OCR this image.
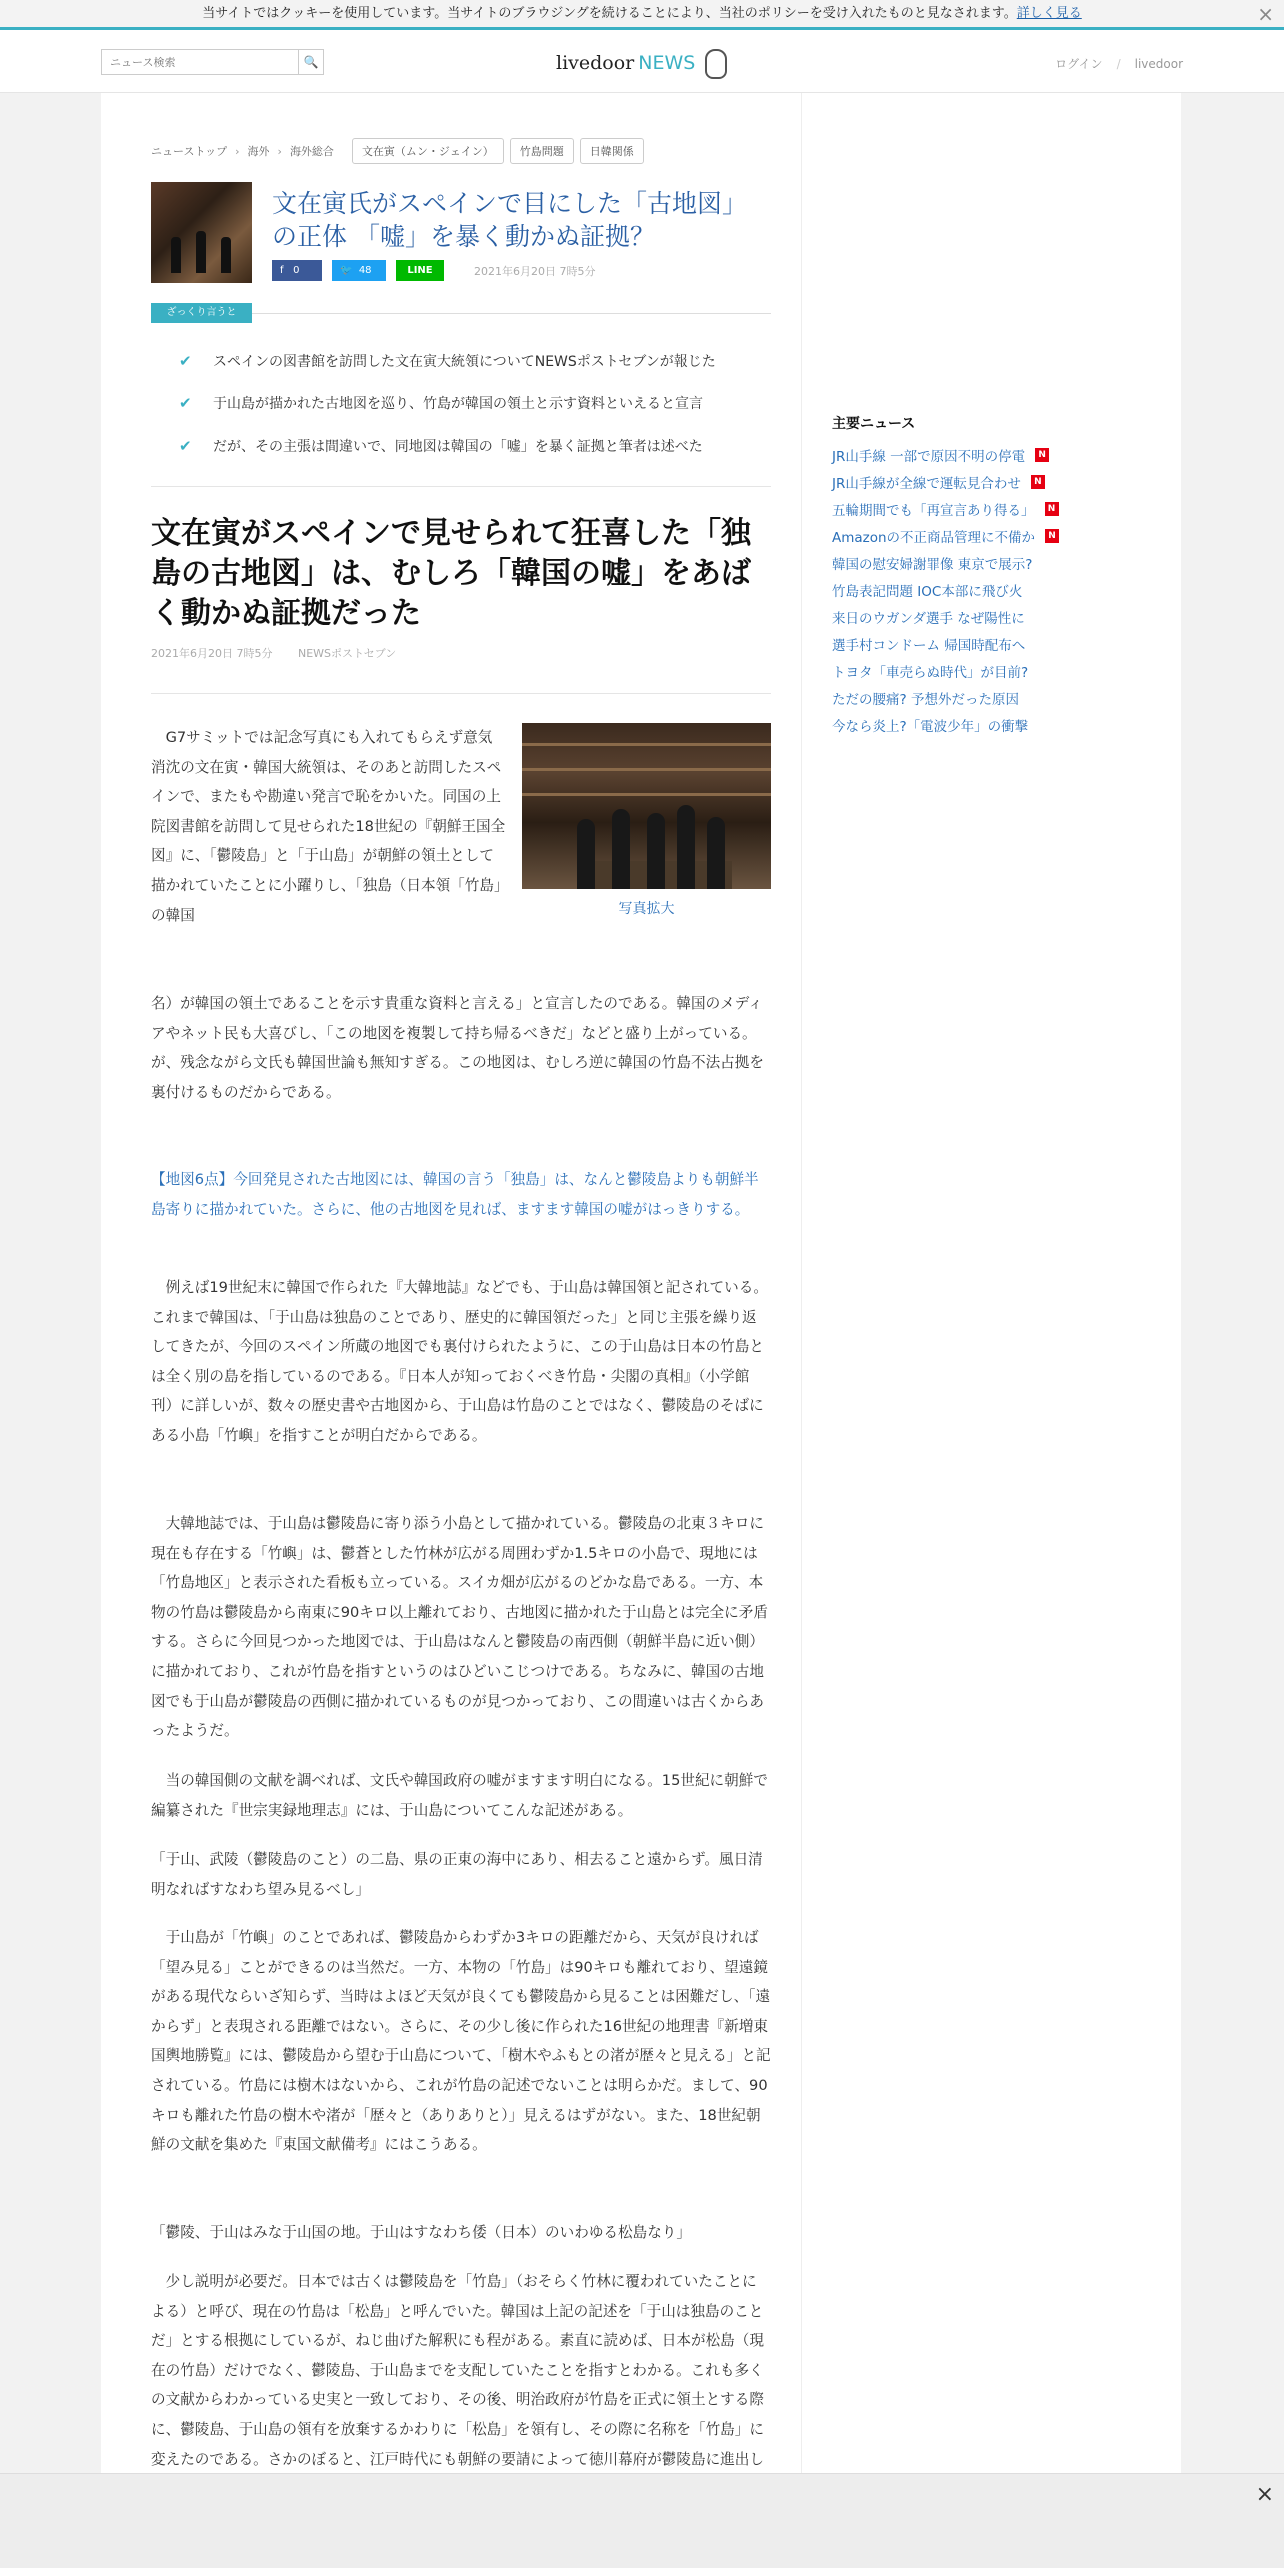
当サイトではクッキーを使用しています。当サイトのブラウジングを続けることにより、当社のポリシーを受け入れたものと見なされます。詳しく見る	×
ニュース検索
🔍	livedoor NEWS	ログイン / livedoor
ニューストップ › 海外 › 海外総合	文在寅（ムン・ジェイン）	竹島問題	日韓関係
文在寅氏がスペインで目にした「古地図」の正体 「嘘」を暴く動かぬ証拠？
f 0	🐦 48	LINE	2021年6月20日 7時5分
ざっくり言うと
✔	スペインの図書館を訪問した文在寅大統領についてNEWSポストセブンが報じた
✔	于山島が描かれた古地図を巡り、竹島が韓国の領土と示す資料といえると宣言
✔	だが、その主張は間違いで、同地図は韓国の「嘘」を暴く証拠と筆者は述べた
文在寅がスペインで見せられて狂喜した「独島の古地図」は、むしろ「韓国の嘘」をあばく動かぬ証拠だった
2021年6月20日 7時5分 NEWSポストセブン
写真拡大

G7サミットでは記念写真にも入れてもらえず意気消沈の文在寅・韓国大統領は、そのあと訪問したスペインで、またもや勘違い発言で恥をかいた。同国の上院図書館を訪問して見せられた18世紀の『朝鮮王国全図』に、「鬱陵島」と「于山島」が朝鮮の領土として描かれていたことに小躍りし、「独島（日本領「竹島」の韓国

名）が韓国の領土であることを示す貴重な資料と言える」と宣言したのである。韓国のメディアやネット民も大喜びし、「この地図を複製して持ち帰るべきだ」などと盛り上がっている。が、残念ながら文氏も韓国世論も無知すぎる。この地図は、むしろ逆に韓国の竹島不法占拠を裏付けるものだからである。

【地図6点】今回発見された古地図には、韓国の言う「独島」は、なんと鬱陵島よりも朝鮮半島寄りに描かれていた。さらに、他の古地図を見れば、ますます韓国の嘘がはっきりする。

例えば19世紀末に韓国で作られた『大韓地誌』などでも、于山島は韓国領と記されている。これまで韓国は、「于山島は独島のことであり、歴史的に韓国領だった」と同じ主張を繰り返してきたが、今回のスペイン所蔵の地図でも裏付けられたように、この于山島は日本の竹島とは全く別の島を指しているのである。『日本人が知っておくべき竹島・尖閣の真相』（小学館刊）に詳しいが、数々の歴史書や古地図から、于山島は竹島のことではなく、鬱陵島のそばにある小島「竹嶼」を指すことが明白だからである。

大韓地誌では、于山島は鬱陵島に寄り添う小島として描かれている。鬱陵島の北東３キロに現在も存在する「竹嶼」は、鬱蒼とした竹林が広がる周囲わずか1.5キロの小島で、現地には「竹島地区」と表示された看板も立っている。スイカ畑が広がるのどかな島である。一方、本物の竹島は鬱陵島から南東に90キロ以上離れており、古地図に描かれた于山島とは完全に矛盾する。さらに今回見つかった地図では、于山島はなんと鬱陵島の南西側（朝鮮半島に近い側）に描かれており、これが竹島を指すというのはひどいこじつけである。ちなみに、韓国の古地図でも于山島が鬱陵島の西側に描かれているものが見つかっており、この間違いは古くからあったようだ。

当の韓国側の文献を調べれば、文氏や韓国政府の嘘がますます明白になる。15世紀に朝鮮で編纂された『世宗実録地理志』には、于山島についてこんな記述がある。

「于山、武陵（鬱陵島のこと）の二島、県の正東の海中にあり、相去ること遠からず。風日清明なればすなわち望み見るべし」

于山島が「竹嶼」のことであれば、鬱陵島からわずか3キロの距離だから、天気が良ければ「望み見る」ことができるのは当然だ。一方、本物の「竹島」は90キロも離れており、望遠鏡がある現代ならいざ知らず、当時はよほど天気が良くても鬱陵島から見ることは困難だし、「遠からず」と表現される距離ではない。さらに、その少し後に作られた16世紀の地理書『新増東国輿地勝覧』には、鬱陵島から望む于山島について、「樹木やふもとの渚が歴々と見える」と記されている。竹島には樹木はないから、これが竹島の記述でないことは明らかだ。まして、90キロも離れた竹島の樹木や渚が「歴々と（ありありと）」見えるはずがない。また、18世紀朝鮮の文献を集めた『東国文献備考』にはこうある。

「鬱陵、于山はみな于山国の地。于山はすなわち倭（日本）のいわゆる松島なり」

少し説明が必要だ。日本では古くは鬱陵島を「竹島」（おそらく竹林に覆われていたことによる）と呼び、現在の竹島は「松島」と呼んでいた。韓国は上記の記述を「于山は独島のことだ」とする根拠にしているが、ねじ曲げた解釈にも程がある。素直に読めば、日本が松島（現在の竹島）だけでなく、鬱陵島、于山島までを支配していたことを指すとわかる。これも多くの文献からわかっている史実と一致しており、その後、明治政府が竹島を正式に領土とする際に、鬱陵島、于山島の領有を放棄するかわりに「松島」を領有し、その際に名称を「竹島」に変えたのである。さかのぼると、江戸時代にも朝鮮の要請によって徳川幕府が鬱陵島に進出し

主要ニュース
JR山手線 一部で原因不明の停電	N
JR山手線が全線で運転見合わせ	N
五輪期間でも「再宣言あり得る」	N
Amazonの不正商品管理に不備か	N
韓国の慰安婦謝罪像 東京で展示?
竹島表記問題 IOC本部に飛び火
来日のウガンダ選手 なぜ陽性に
選手村コンドーム 帰国時配布へ
トヨタ「車売らぬ時代」が目前?
ただの腰痛? 予想外だった原因
今なら炎上?「電波少年」の衝撃
×
